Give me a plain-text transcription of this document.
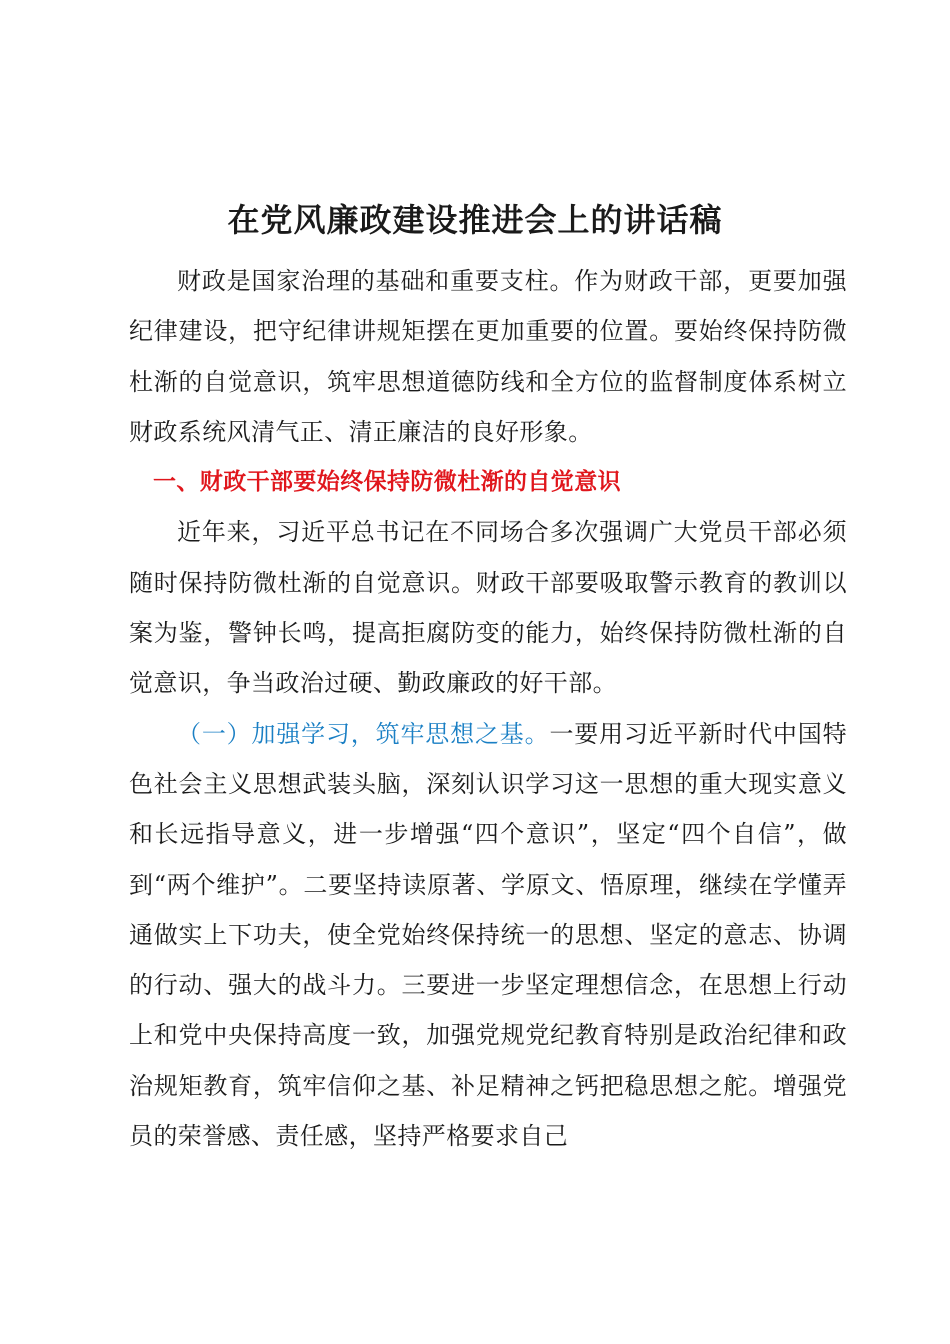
在党风廉政建设推进会上的讲话稿

财政是国家治理的基础和重要支柱。作为财政干部，更要加强纪律建设，把守纪律讲规矩摆在更加重要的位置。要始终保持防微杜渐的自觉意识，筑牢思想道德防线和全方位的监督制度体系树立财政系统风清气正、清正廉洁的良好形象。

一、财政干部要始终保持防微杜渐的自觉意识

近年来，习近平总书记在不同场合多次强调广大党员干部必须随时保持防微杜渐的自觉意识。财政干部要吸取警示教育的教训以案为鉴，警钟长鸣，提高拒腐防变的能力，始终保持防微杜渐的自觉意识，争当政治过硬、勤政廉政的好干部。

（一）加强学习，筑牢思想之基。一要用习近平新时代中国特色社会主义思想武装头脑，深刻认识学习这一思想的重大现实意义和长远指导意义，进一步增强“四个意识”，坚定“四个自信”，做到“两个维护”。二要坚持读原著、学原文、悟原理，继续在学懂弄通做实上下功夫，使全党始终保持统一的思想、坚定的意志、协调的行动、强大的战斗力。三要进一步坚定理想信念，在思想上行动上和党中央保持高度一致，加强党规党纪教育特别是政治纪律和政治规矩教育，筑牢信仰之基、补足精神之钙把稳思想之舵。增强党员的荣誉感、责任感，坚持严格要求自己
